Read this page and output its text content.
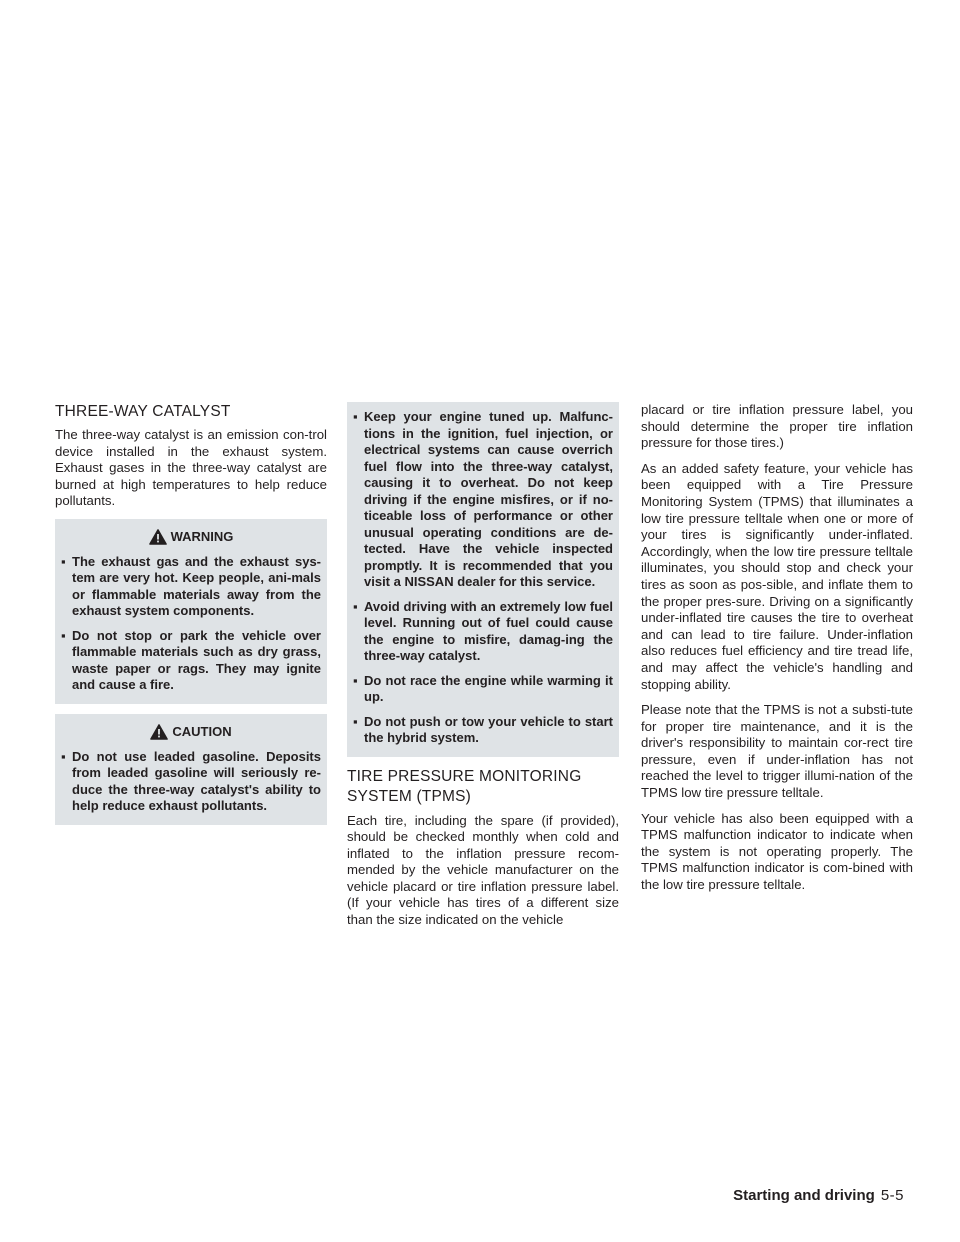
THREE-WAY CATALYST

The three-way catalyst is an emission con-trol device installed in the exhaust system. Exhaust gases in the three-way catalyst are burned at high temperatures to help reduce pollutants.

WARNING
▪ The exhaust gas and the exhaust sys-tem are very hot. Keep people, ani-mals or flammable materials away from the exhaust system components.
▪ Do not stop or park the vehicle over flammable materials such as dry grass, waste paper or rags. They may ignite and cause a fire.
CAUTION
▪ Do not use leaded gasoline. Deposits from leaded gasoline will seriously re-duce the three-way catalyst's ability to help reduce exhaust pollutants.
▪ Keep your engine tuned up. Malfunc-tions in the ignition, fuel injection, or electrical systems can cause overrich fuel flow into the three-way catalyst, causing it to overheat. Do not keep driving if the engine misfires, or if no-ticeable loss of performance or other unusual operating conditions are de-tected. Have the vehicle inspected promptly. It is recommended that you visit a NISSAN dealer for this service.
▪ Avoid driving with an extremely low fuel level. Running out of fuel could cause the engine to misfire, damag-ing the three-way catalyst.
▪ Do not race the engine while warming it up.
▪ Do not push or tow your vehicle to start the hybrid system.
TIRE PRESSURE MONITORING SYSTEM (TPMS)

Each tire, including the spare (if provided), should be checked monthly when cold and inflated to the inflation pressure recom-mended by the vehicle manufacturer on the vehicle placard or tire inflation pressure label. (If your vehicle has tires of a different size than the size indicated on the vehicle

placard or tire inflation pressure label, you should determine the proper tire inflation pressure for those tires.)

As an added safety feature, your vehicle has been equipped with a Tire Pressure Monitoring System (TPMS) that illuminates a low tire pressure telltale when one or more of your tires is significantly under-inflated. Accordingly, when the low tire pressure telltale illuminates, you should stop and check your tires as soon as pos-sible, and inflate them to the proper pres-sure. Driving on a significantly under-inflated tire causes the tire to overheat and can lead to tire failure. Under-inflation also reduces fuel efficiency and tire tread life, and may affect the vehicle's handling and stopping ability.

Please note that the TPMS is not a substi-tute for proper tire maintenance, and it is the driver's responsibility to maintain cor-rect tire pressure, even if under-inflation has not reached the level to trigger illumi-nation of the TPMS low tire pressure telltale.

Your vehicle has also been equipped with a TPMS malfunction indicator to indicate when the system is not operating properly. The TPMS malfunction indicator is com-bined with the low tire pressure telltale.

Starting and driving 5-5
